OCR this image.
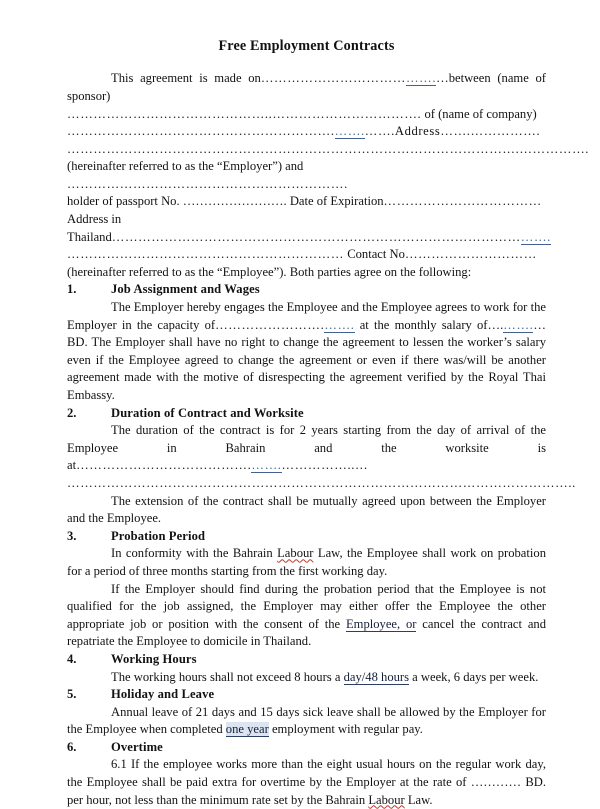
Free Employment Contracts

This agreement is made on………………………………….…between (name of sponsor)

………………………………………..……………………………. of (name of company)

…………………………………………………….…….…….Address…….…………….

………………………………………………………………………………………….…………….

(hereinafter referred to as the “Employer”) and ……………………………………………………….

holder of passport No. ……………………. Date of Expiration………………………………

Address in Thailand……………………………………………………………………………………….

……………………………………………………… Contact No…………………………

(hereinafter referred to as the “Employee”). Both parties agree on the following:

1.	Job Assignment and Wages

The Employer hereby engages the Employee and the Employee agrees to work for the Employer in the capacity of…………………….……. at the monthly salary of….…….…BD. The Employer shall have no right to change the agreement to lessen the worker’s salary even if the Employee agreed to change the agreement or even if there was/will be another agreement made with the motive of disrespecting the agreement verified by the Royal Thai Embassy.

2.	Duration of Contract and Worksite

The duration of the contract is for 2 years starting from the day of arrival of the Employee in Bahrain and the worksite is at………………………………….…….……………..…

……………………………………………………………………………………………………..

The extension of the contract shall be mutually agreed upon between the Employer and the Employee.

3.	Probation Period

In conformity with the Bahrain Labour Law, the Employee shall work on probation for a period of three months starting from the first working day.

If the Employer should find during the probation period that the Employee is not qualified for the job assigned, the Employer may either offer the Employee the other appropriate job or position with the consent of the Employee, or cancel the contract and repatriate the Employee to domicile in Thailand.

4.	Working Hours

The working hours shall not exceed 8 hours a day/48 hours a week, 6 days per week.

5.	Holiday and Leave

Annual leave of 21 days and 15 days sick leave shall be allowed by the Employer for the Employee when completed one year employment with regular pay.

6.	Overtime

6.1 If the employee works more than the eight usual hours on the regular work day, the Employee shall be paid extra for overtime by the Employer at the rate of ………… BD. per hour, not less than the minimum rate set by the Bahrain Labour Law.
